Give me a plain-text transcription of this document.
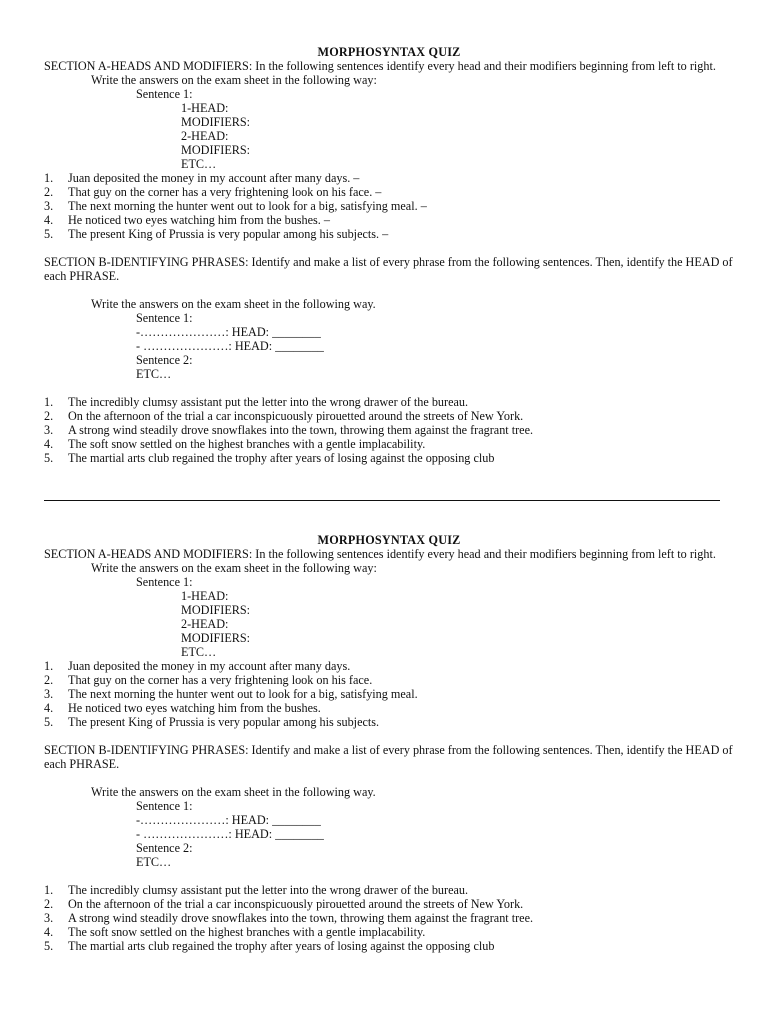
MORPHOSYNTAX QUIZ

SECTION A-HEADS AND MODIFIERS: In the following sentences identify every head and their modifiers beginning from left to right.

Write the answers on the exam sheet in the following way:
Sentence 1:
1-HEAD:
MODIFIERS:
2-HEAD:
MODIFIERS:
ETC…
1.	Juan deposited the money in my account after many days. –
2.	That guy on the corner has a very frightening look on his face. –
3.	The next morning the hunter went out to look for a big, satisfying meal. –
4.	He noticed two eyes watching him from the bushes. –
5.	The present King of Prussia is very popular among his subjects. –

SECTION B-IDENTIFYING PHRASES: Identify and make a list of every phrase from the following sentences. Then, identify the HEAD of each PHRASE.

Write the answers on the exam sheet in the following way.
Sentence 1:
-…………………: HEAD: ________
- …………………: HEAD: ________
Sentence 2:
ETC…
1.	The incredibly clumsy assistant put the letter into the wrong drawer of the bureau.
2.	On the afternoon of the trial a car inconspicuously pirouetted around the streets of New York.
3.	A strong wind steadily drove snowflakes into the town, throwing them against the fragrant tree.
4.	The soft snow settled on the highest branches with a gentle implacability.
5.	The martial arts club regained the trophy after years of losing against the opposing club
MORPHOSYNTAX QUIZ

SECTION A-HEADS AND MODIFIERS: In the following sentences identify every head and their modifiers beginning from left to right.

Write the answers on the exam sheet in the following way:
Sentence 1:
1-HEAD:
MODIFIERS:
2-HEAD:
MODIFIERS:
ETC…
1.	Juan deposited the money in my account after many days.
2.	That guy on the corner has a very frightening look on his face.
3.	The next morning the hunter went out to look for a big, satisfying meal.
4.	He noticed two eyes watching him from the bushes.
5.	The present King of Prussia is very popular among his subjects.

SECTION B-IDENTIFYING PHRASES: Identify and make a list of every phrase from the following sentences. Then, identify the HEAD of each PHRASE.

Write the answers on the exam sheet in the following way.
Sentence 1:
-…………………: HEAD: ________
- …………………: HEAD: ________
Sentence 2:
ETC…
1.	The incredibly clumsy assistant put the letter into the wrong drawer of the bureau.
2.	On the afternoon of the trial a car inconspicuously pirouetted around the streets of New York.
3.	A strong wind steadily drove snowflakes into the town, throwing them against the fragrant tree.
4.	The soft snow settled on the highest branches with a gentle implacability.
5.	The martial arts club regained the trophy after years of losing against the opposing club
